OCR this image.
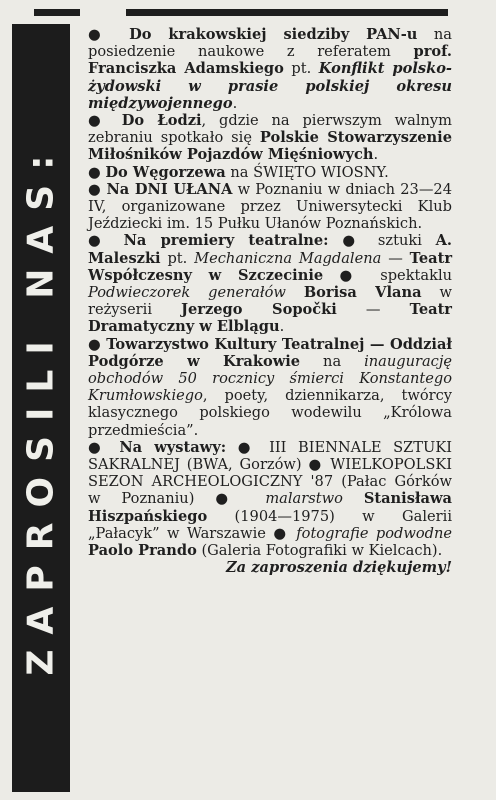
ZAPROSILI NAS:

● Do krakowskiej siedziby PAN-u na posiedzenie naukowe z referatem prof. Franciszka Adamskiego pt. Konflikt polsko-żydowski w prasie polskiej okresu międzywojennego.

● Do Łodzi, gdzie na pierwszym walnym zebraniu spotkało się Polskie Stowarzyszenie Miłośników Pojazdów Mięśniowych.

● Do Węgorzewa na ŚWIĘTO WIOSNY.

● Na DNI UŁANA w Poznaniu w dniach 23—24 IV, organizowane przez Uniwersytecki Klub Jeździecki im. 15 Pułku Ułanów Poznańskich.

● Na premiery teatralne: ● sztuki A. Maleszki pt. Mechaniczna Magdalena — Teatr Współczesny w Szczecinie ● spektaklu Podwieczorek generałów Borisa Vlana w reżyserii Jerzego Sopočki — Teatr Dramatyczny w Elblągu.

● Towarzystwo Kultury Teatralnej — Oddział Podgórze w Krakowie na inaugurację obchodów 50 rocznicy śmierci Konstantego Krumłowskiego, poety, dziennikarza, twórcy klasycznego polskiego wodewilu „Królowa przedmieścia”.

● Na wystawy: ● III BIENNALE SZTUKI SAKRALNEJ (BWA, Gorzów) ● WIELKOPOLSKI SEZON ARCHEOLOGICZNY '87 (Pałac Górków w Poznaniu) ● malarstwo Stanisława Hiszpańskiego (1904—1975) w Galerii „Pałacyk” w Warszawie ● fotografie podwodne Paolo Prando (Galeria Fotografiki w Kielcach).

Za zaproszenia dziękujemy!
